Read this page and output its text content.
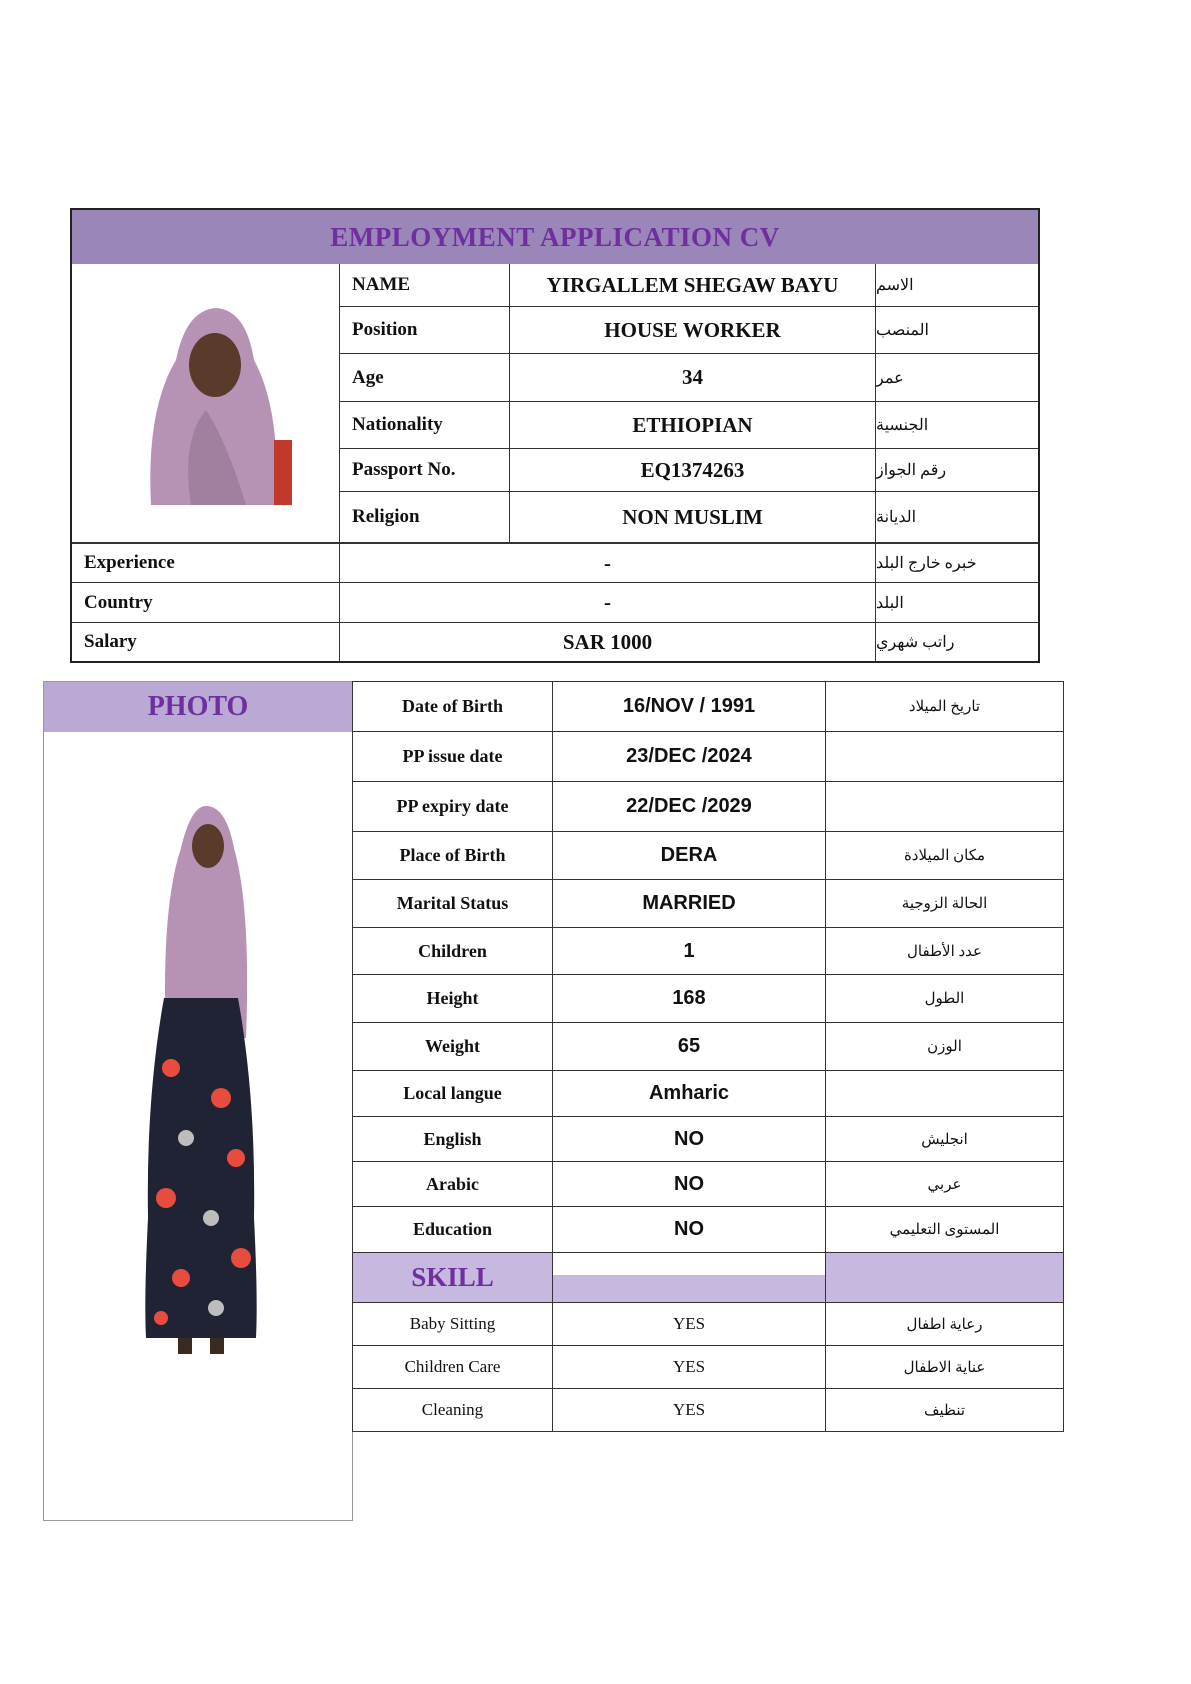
EMPLOYMENT APPLICATION CV
NAME	YIRGALLEM SHEGAW BAYU	الاسم
Position	HOUSE WORKER	المنصب
Age	34	عمر
Nationality	ETHIOPIAN	الجنسية
Passport No.	EQ1374263	رقم الجواز
Religion	NON MUSLIM	الديانة
Experience	-	خبره خارج البلد
Country	-	البلد
Salary	SAR 1000	راتب شهري
PHOTO	Date of Birth	16/NOV / 1991	تاريخ الميلاد
PP issue date	23/DEC /2024
PP expiry date	22/DEC /2029
Place of Birth	DERA	مكان الميلادة
Marital Status	MARRIED	الحالة الزوجية
Children	1	عدد الأطفال
Height	168	الطول
Weight	65	الوزن
Local langue	Amharic
English	NO	انجليش
Arabic	NO	عربي
Education	NO	المستوى التعليمي
SKILL
Baby Sitting	YES	رعاية اطفال
Children Care	YES	عناية الاطفال
Cleaning	YES	تنظيف
